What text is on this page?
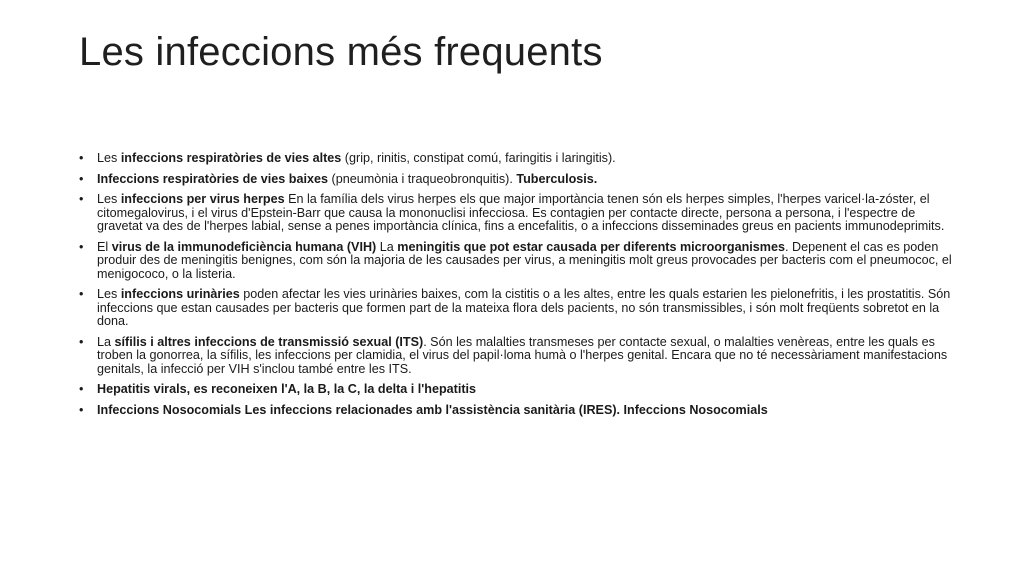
Les infeccions més frequents
• Les infeccions respiratòries de vies altes (grip, rinitis, constipat comú, faringitis i laringitis).
• Infeccions respiratòries de vies baixes (pneumònia i traqueobronquitis). Tuberculosis.
• Les infeccions per virus herpes En la família dels virus herpes els que major importància tenen són els herpes simples, l'herpes varicel·la-zóster, el citomegalovirus, i el virus d'Epstein-Barr que causa la mononuclisi infecciosa. Es contagien per contacte directe, persona a persona, i l'espectre de gravetat va des de l'herpes labial, sense a penes importància clínica, fins a encefalitis, o a infeccions disseminades greus en pacients immunodeprimits.
• El virus de la immunodeficiència humana (VIH) La meningitis que pot estar causada per diferents microorganismes. Depenent el cas es poden produir des de meningitis benignes, com són la majoria de les causades per virus, a meningitis molt greus provocades per bacteris com el pneumococ, el menigococo, o la listeria.
• Les infeccions urinàries poden afectar les vies urinàries baixes, com la cistitis o a les altes, entre les quals estarien les pielonefritis, i les prostatitis. Són infeccions que estan causades per bacteris que formen part de la mateixa flora dels pacients, no són transmissibles, i són molt freqüents sobretot en la dona.
• La sífilis i altres infeccions de transmissió sexual (ITS). Són les malalties transmeses per contacte sexual, o malalties venèreas, entre les quals es troben la gonorrea, la sífilis, les infeccions per clamidia, el virus del papil·loma humà o l'herpes genital. Encara que no té necessàriament manifestacions genitals, la infecció per VIH s'inclou també entre les ITS.
• Hepatitis virals, es reconeixen l'A, la B, la C, la delta i l'hepatitis
• Infeccions Nosocomials Les infeccions relacionades amb l'assistència sanitària (IRES). Infeccions Nosocomials
